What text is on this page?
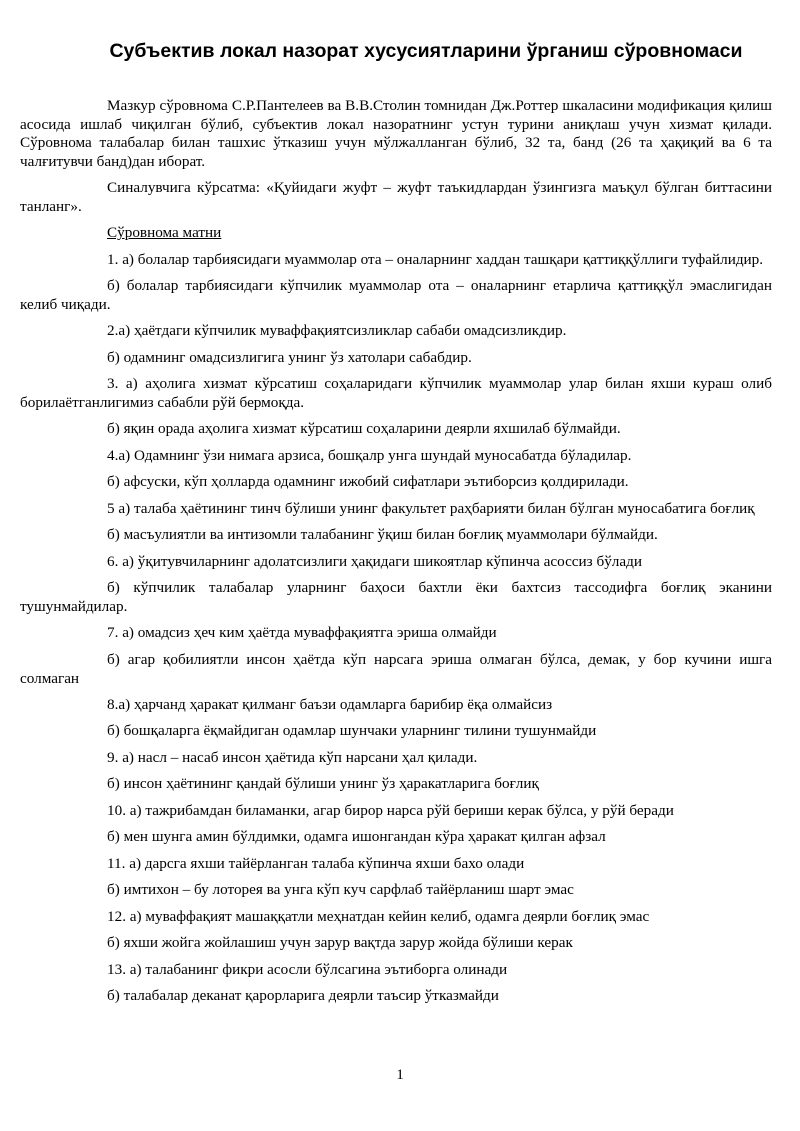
Субъектив локал назорат хусусиятларини ўрганиш сўровномаси

Мазкур сўровнома С.Р.Пантелеев ва В.В.Столин томнидан Дж.Роттер шкаласини модификация қилиш асосида ишлаб чиқилган бўлиб, субъектив локал назоратнинг устун турини аниқлаш учун хизмат қилади. Сўровнома талабалар билан ташхис ўтказиш учун мўлжалланган бўлиб, 32 та, банд (26 та ҳақиқий ва 6 та чалғитувчи банд)дан иборат.

Синалувчига кўрсатма: «Қуйидаги жуфт – жуфт таъкидлардан ўзингизга маъқул бўлган биттасини танланг».

Сўровнома матни

1. а) болалар тарбиясидаги муаммолар ота – оналарнинг хаддан ташқари қаттиққўллиги туфайлидир.

б) болалар тарбиясидаги кўпчилик муаммолар ота – оналарнинг етарлича қаттиққўл эмаслигидан келиб чиқади.

2.а) ҳаётдаги кўпчилик муваффақиятсизликлар сабаби омадсизликдир.

б) одамнинг омадсизлигига унинг ўз хатолари сабабдир.

3. а) аҳолига хизмат кўрсатиш соҳаларидаги кўпчилик муаммолар улар билан яхши кураш олиб борилаётганлигимиз сабабли рўй бермоқда.

б) яқин орада аҳолига хизмат кўрсатиш соҳаларини деярли яхшилаб бўлмайди.

4.а) Одамнинг ўзи нимага арзиса, бошқалр унга шундай муносабатда бўладилар.

б) афсуски, кўп ҳолларда одамнинг ижобий сифатлари эътиборсиз қолдирилади.

5 а) талаба ҳаётининг тинч бўлиши унинг факультет раҳбарияти билан бўлган муносабатига боғлиқ

б) масъулиятли ва интизомли талабанинг ўқиш билан боғлиқ муаммолари бўлмайди.

6. а) ўқитувчиларнинг адолатсизлиги ҳақидаги шикоятлар кўпинча асоссиз бўлади

б) кўпчилик талабалар уларнинг баҳоси бахтли ёки бахтсиз тассодифга боғлиқ эканини тушунмайдилар.

7. а) омадсиз ҳеч ким ҳаётда муваффақиятга эриша олмайди

б) агар қобилиятли инсон ҳаётда кўп нарсага эриша олмаган бўлса, демак, у бор кучини ишга солмаган

8.а) ҳарчанд ҳаракат қилманг баъзи одамларга барибир ёқа олмайсиз

б) бошқаларга ёқмайдиган одамлар шунчаки уларнинг тилини тушунмайди

9. а) насл – насаб инсон ҳаётида кўп нарсани ҳал қилади.

б) инсон ҳаётининг қандай бўлиши унинг ўз ҳаракатларига боғлиқ

10. а) тажрибамдан биламанки, агар бирор нарса рўй бериши керак бўлса, у рўй беради

б) мен шунга амин бўлдимки, одамга ишонгандан кўра ҳаракат қилган афзал

11. а) дарсга яхши тайёрланган талаба кўпинча яхши бахо олади

б) имтихон – бу лоторея ва унга кўп куч сарфлаб тайёрланиш шарт эмас

12. а) муваффақият машаққатли меҳнатдан кейин келиб, одамга деярли боғлиқ эмас

б) яхши жойга жойлашиш учун зарур вақтда зарур жойда бўлиши керак

13. а) талабанинг фикри асосли бўлсагина эътиборга олинади

б) талабалар деканат қарорларига деярли таъсир ўтказмайди

1
